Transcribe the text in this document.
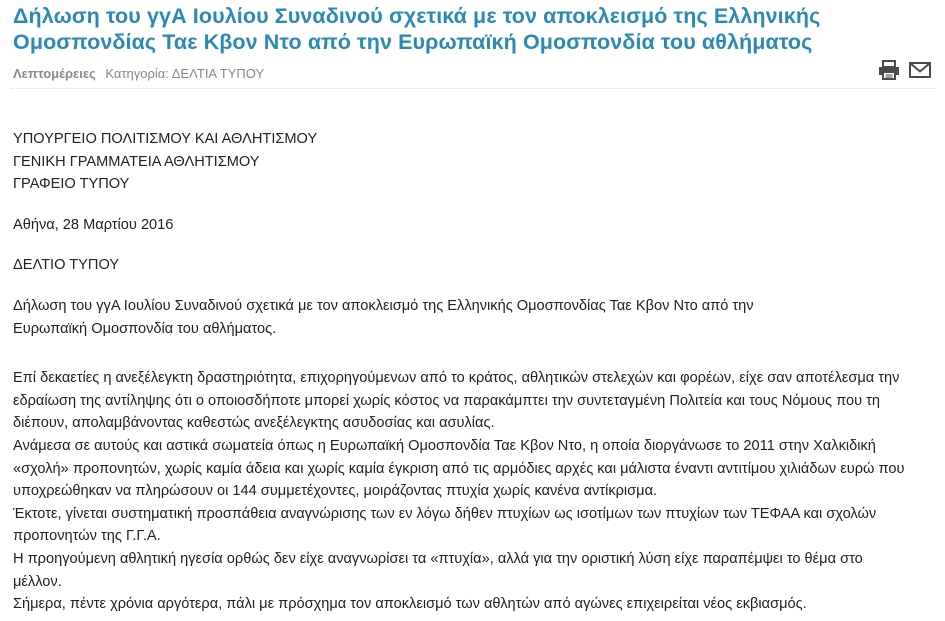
Δήλωση του γγΑ Ιουλίου Συναδινού σχετικά με τον αποκλεισμό της Ελληνικής Ομοσπονδίας Ταε Κβον Ντο από την Ευρωπαϊκή Ομοσπονδία του αθλήματος
Λεπτομέρειες Κατηγορία: ΔΕΛΤΙΑ ΤΥΠΟΥ

ΥΠΟΥΡΓΕΙΟ ΠΟΛΙΤΙΣΜΟΥ ΚΑΙ ΑΘΛΗΤΙΣΜΟΥ

ΓΕΝΙΚΗ ΓΡΑΜΜΑΤΕΙΑ ΑΘΛΗΤΙΣΜΟΥ

ΓΡΑΦΕΙΟ ΤΥΠΟΥ

Αθήνα, 28 Μαρτίου 2016

ΔΕΛΤΙΟ ΤΥΠΟΥ

Δήλωση του γγΑ Ιουλίου Συναδινού σχετικά με τον αποκλεισμό της Ελληνικής Ομοσπονδίας Ταε Κβον Ντο από την

Ευρωπαϊκή Ομοσπονδία του αθλήματος.

Επί δεκαετίες η ανεξέλεγκτη δραστηριότητα, επιχορηγούμενων από το κράτος, αθλητικών στελεχών και φορέων, είχε σαν αποτέλεσμα την

εδραίωση της αντίληψης ότι ο οποιοσδήποτε μπορεί χωρίς κόστος να παρακάμπτει την συντεταγμένη Πολιτεία και τους Νόμους που τη

διέπουν, απολαμβάνοντας καθεστώς ανεξέλεγκτης ασυδοσίας και ασυλίας.

Ανάμεσα σε αυτούς και αστικά σωματεία όπως η Ευρωπαϊκή Ομοσπονδία Ταε Κβον Ντο, η οποία διοργάνωσε το 2011 στην Χαλκιδική

«σχολή» προπονητών, χωρίς καμία άδεια και χωρίς καμία έγκριση από τις αρμόδιες αρχές και μάλιστα έναντι αντιτίμου χιλιάδων ευρώ που

υποχρεώθηκαν να πληρώσουν οι 144 συμμετέχοντες, μοιράζοντας πτυχία χωρίς κανένα αντίκρισμα.

Έκτοτε, γίνεται συστηματική προσπάθεια αναγνώρισης των εν λόγω δήθεν πτυχίων ως ισοτίμων των πτυχίων των ΤΕΦΑΑ και σχολών

προπονητών της Γ.Γ.Α.

Η προηγούμενη αθλητική ηγεσία ορθώς δεν είχε αναγνωρίσει τα «πτυχία», αλλά για την οριστική λύση είχε παραπέμψει το θέμα στο

μέλλον.

Σήμερα, πέντε χρόνια αργότερα, πάλι με πρόσχημα τον αποκλεισμό των αθλητών από αγώνες επιχειρείται νέος εκβιασμός.
